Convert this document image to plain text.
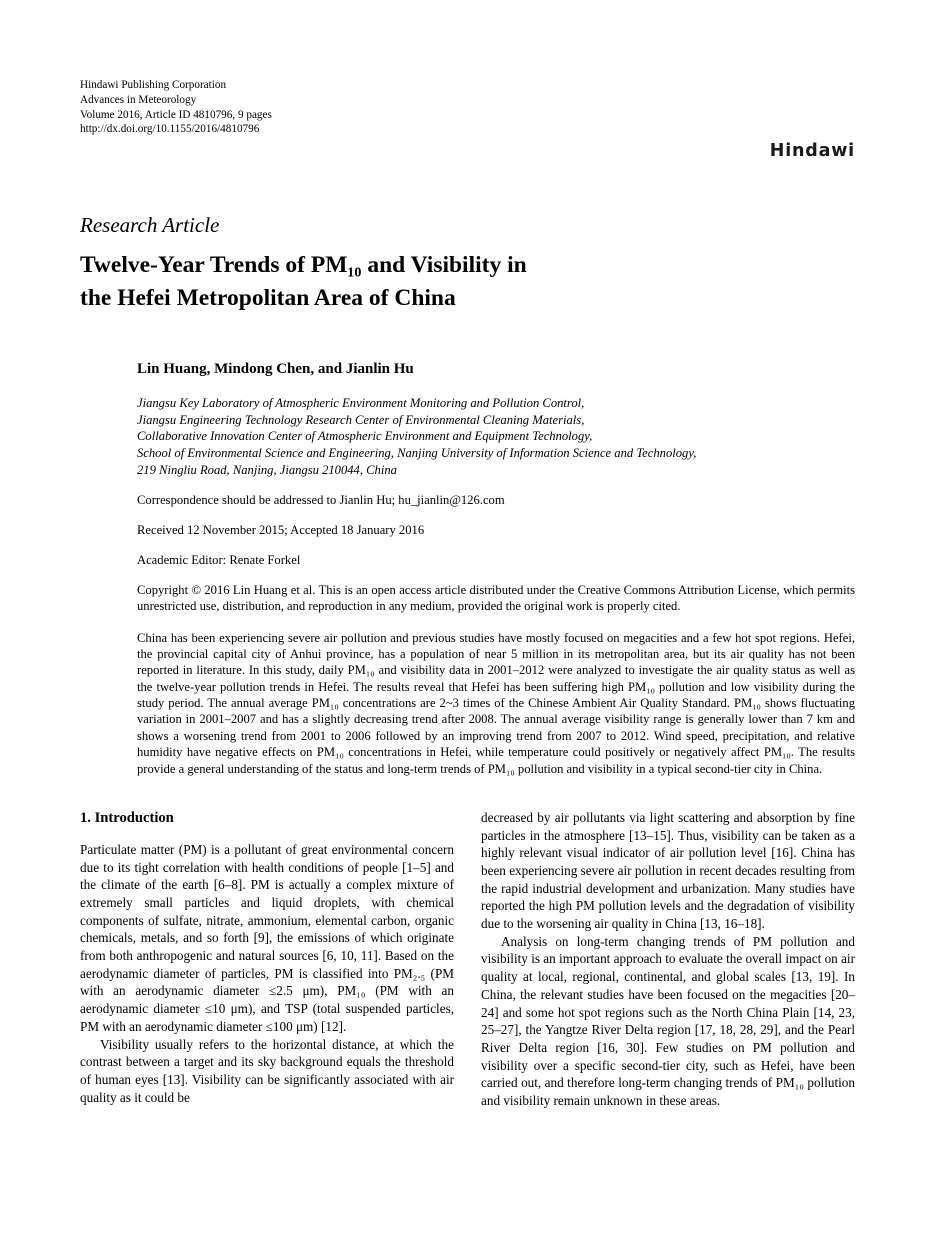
Hindawi Publishing Corporation
Advances in Meteorology
Volume 2016, Article ID 4810796, 9 pages
http://dx.doi.org/10.1155/2016/4810796
Hindawi
Research Article
Twelve-Year Trends of PM₁₀ and Visibility in
the Hefei Metropolitan Area of China
Lin Huang, Mindong Chen, and Jianlin Hu
Jiangsu Key Laboratory of Atmospheric Environment Monitoring and Pollution Control,
Jiangsu Engineering Technology Research Center of Environmental Cleaning Materials,
Collaborative Innovation Center of Atmospheric Environment and Equipment Technology,
School of Environmental Science and Engineering, Nanjing University of Information Science and Technology,
219 Ningliu Road, Nanjing, Jiangsu 210044, China
Correspondence should be addressed to Jianlin Hu; hu_jianlin@126.com
Received 12 November 2015; Accepted 18 January 2016
Academic Editor: Renate Forkel

Copyright © 2016 Lin Huang et al. This is an open access article distributed under the Creative Commons Attribution License, which permits unrestricted use, distribution, and reproduction in any medium, provided the original work is properly cited.

China has been experiencing severe air pollution and previous studies have mostly focused on megacities and a few hot spot regions. Hefei, the provincial capital city of Anhui province, has a population of near 5 million in its metropolitan area, but its air quality has not been reported in literature. In this study, daily PM₁₀ and visibility data in 2001–2012 were analyzed to investigate the air quality status as well as the twelve-year pollution trends in Hefei. The results reveal that Hefei has been suffering high PM₁₀ pollution and low visibility during the study period. The annual average PM₁₀ concentrations are 2~3 times of the Chinese Ambient Air Quality Standard. PM₁₀ shows fluctuating variation in 2001–2007 and has a slightly decreasing trend after 2008. The annual average visibility range is generally lower than 7 km and shows a worsening trend from 2001 to 2006 followed by an improving trend from 2007 to 2012. Wind speed, precipitation, and relative humidity have negative effects on PM₁₀ concentrations in Hefei, while temperature could positively or negatively affect PM₁₀. The results provide a general understanding of the status and long-term trends of PM₁₀ pollution and visibility in a typical second-tier city in China.

1. Introduction

Particulate matter (PM) is a pollutant of great environmental concern due to its tight correlation with health conditions of people [1–5] and the climate of the earth [6–8]. PM is actually a complex mixture of extremely small particles and liquid droplets, with chemical components of sulfate, nitrate, ammonium, elemental carbon, organic chemicals, metals, and so forth [9], the emissions of which originate from both anthropogenic and natural sources [6, 10, 11]. Based on the aerodynamic diameter of particles, PM is classified into PM₂.₅ (PM with an aerodynamic diameter ≤2.5 μm), PM₁₀ (PM with an aerodynamic diameter ≤10 μm), and TSP (total suspended particles, PM with an aerodynamic diameter ≤100 μm) [12].

Visibility usually refers to the horizontal distance, at which the contrast between a target and its sky background equals the threshold of human eyes [13]. Visibility can be significantly associated with air quality as it could be

decreased by air pollutants via light scattering and absorption by fine particles in the atmosphere [13–15]. Thus, visibility can be taken as a highly relevant visual indicator of air pollution level [16]. China has been experiencing severe air pollution in recent decades resulting from the rapid industrial development and urbanization. Many studies have reported the high PM pollution levels and the degradation of visibility due to the worsening air quality in China [13, 16–18].

Analysis on long-term changing trends of PM pollution and visibility is an important approach to evaluate the overall impact on air quality at local, regional, continental, and global scales [13, 19]. In China, the relevant studies have been focused on the megacities [20–24] and some hot spot regions such as the North China Plain [14, 23, 25–27], the Yangtze River Delta region [17, 18, 28, 29], and the Pearl River Delta region [16, 30]. Few studies on PM pollution and visibility over a specific second-tier city, such as Hefei, have been carried out, and therefore long-term changing trends of PM₁₀ pollution and visibility remain unknown in these areas.
